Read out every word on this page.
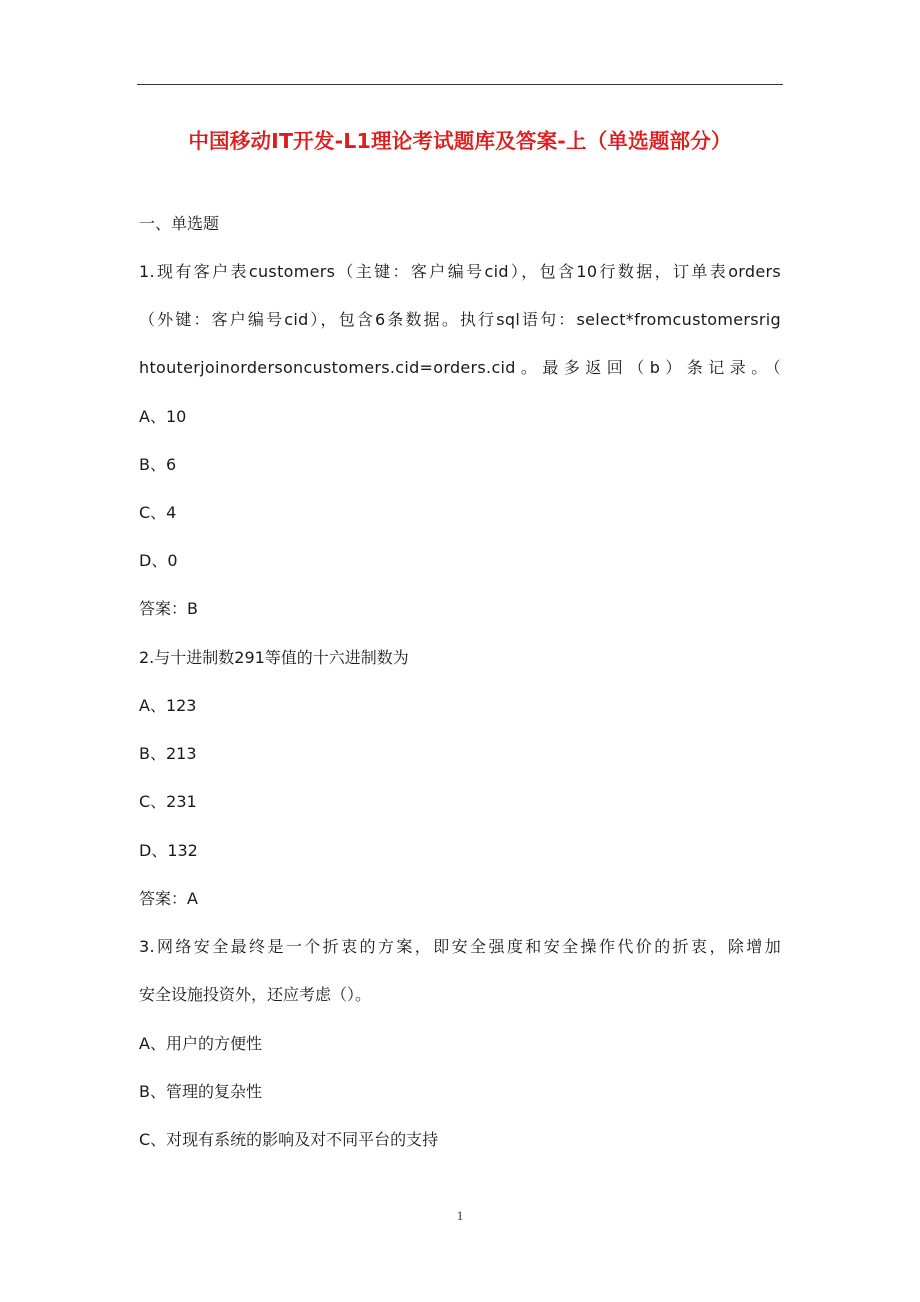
中国移动IT开发-L1理论考试题库及答案-上（单选题部分）
一、单选题
1.现有客户表customers（主键：客户编号cid），包含10行数据，订单表orders
（外键：客户编号cid），包含6条数据。执行sql语句：select*fromcustomersrig
htouterjoinordersoncustomers.cid=orders.cid。最多返回（b）条记录。（
A、10
B、6
C、4
D、0
答案：B
2.与十进制数291等值的十六进制数为
A、123
B、213
C、231
D、132
答案：A
3.网络安全最终是一个折衷的方案，即安全强度和安全操作代价的折衷，除增加
安全设施投资外，还应考虑（）。
A、用户的方便性
B、管理的复杂性
C、对现有系统的影响及对不同平台的支持
1
